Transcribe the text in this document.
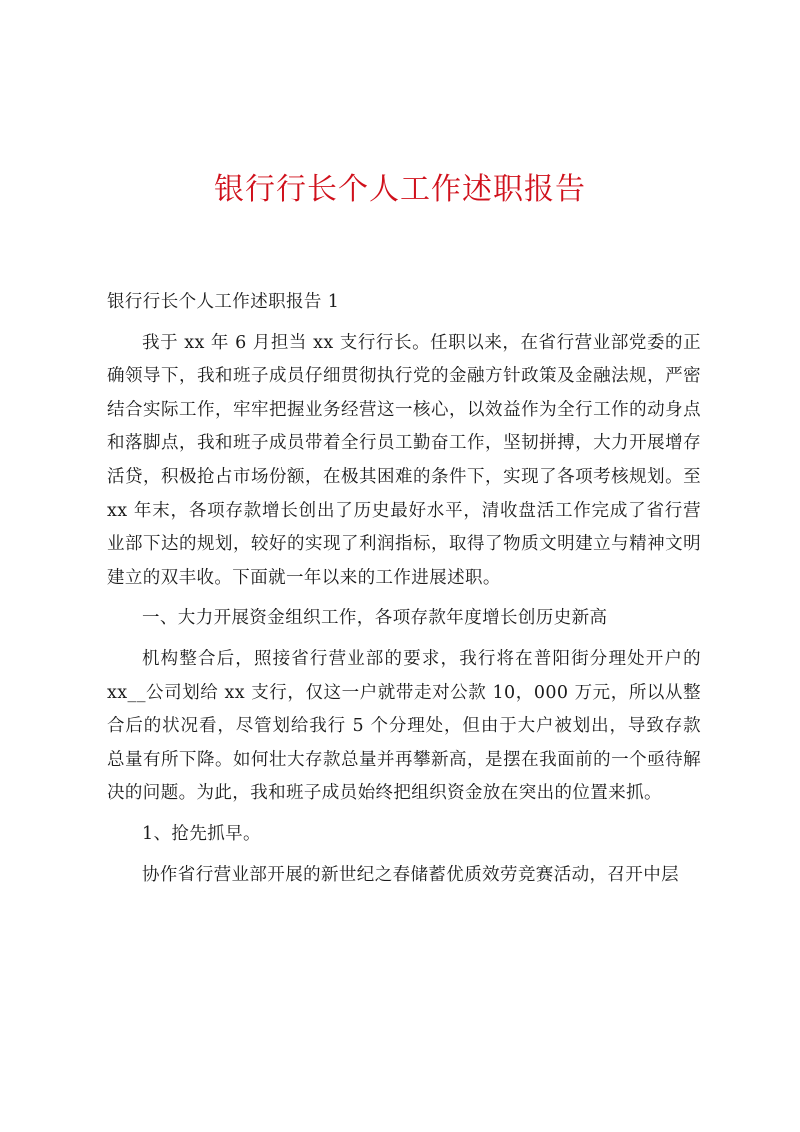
银行行长个人工作述职报告

银行行长个人工作述职报告 1

我于 xx 年 6 月担当 xx 支行行长。任职以来，在省行营业部党委的正确领导下，我和班子成员仔细贯彻执行党的金融方针政策及金融法规，严密结合实际工作，牢牢把握业务经营这一核心，以效益作为全行工作的动身点和落脚点，我和班子成员带着全行员工勤奋工作，坚韧拼搏，大力开展增存活贷，积极抢占市场份额，在极其困难的条件下，实现了各项考核规划。至 xx 年末，各项存款增长创出了历史最好水平，清收盘活工作完成了省行营业部下达的规划，较好的实现了利润指标，取得了物质文明建立与精神文明建立的双丰收。下面就一年以来的工作进展述职。

一、大力开展资金组织工作，各项存款年度增长创历史新高

机构整合后，照接省行营业部的要求，我行将在普阳街分理处开户的 xx__公司划给 xx 支行，仅这一户就带走对公款 10，000 万元，所以从整合后的状况看，尽管划给我行 5 个分理处，但由于大户被划出，导致存款总量有所下降。如何壮大存款总量并再攀新高，是摆在我面前的一个亟待解决的问题。为此，我和班子成员始终把组织资金放在突出的位置来抓。

1、抢先抓早。

协作省行营业部开展的新世纪之春储蓄优质效劳竞赛活动，召开中层
